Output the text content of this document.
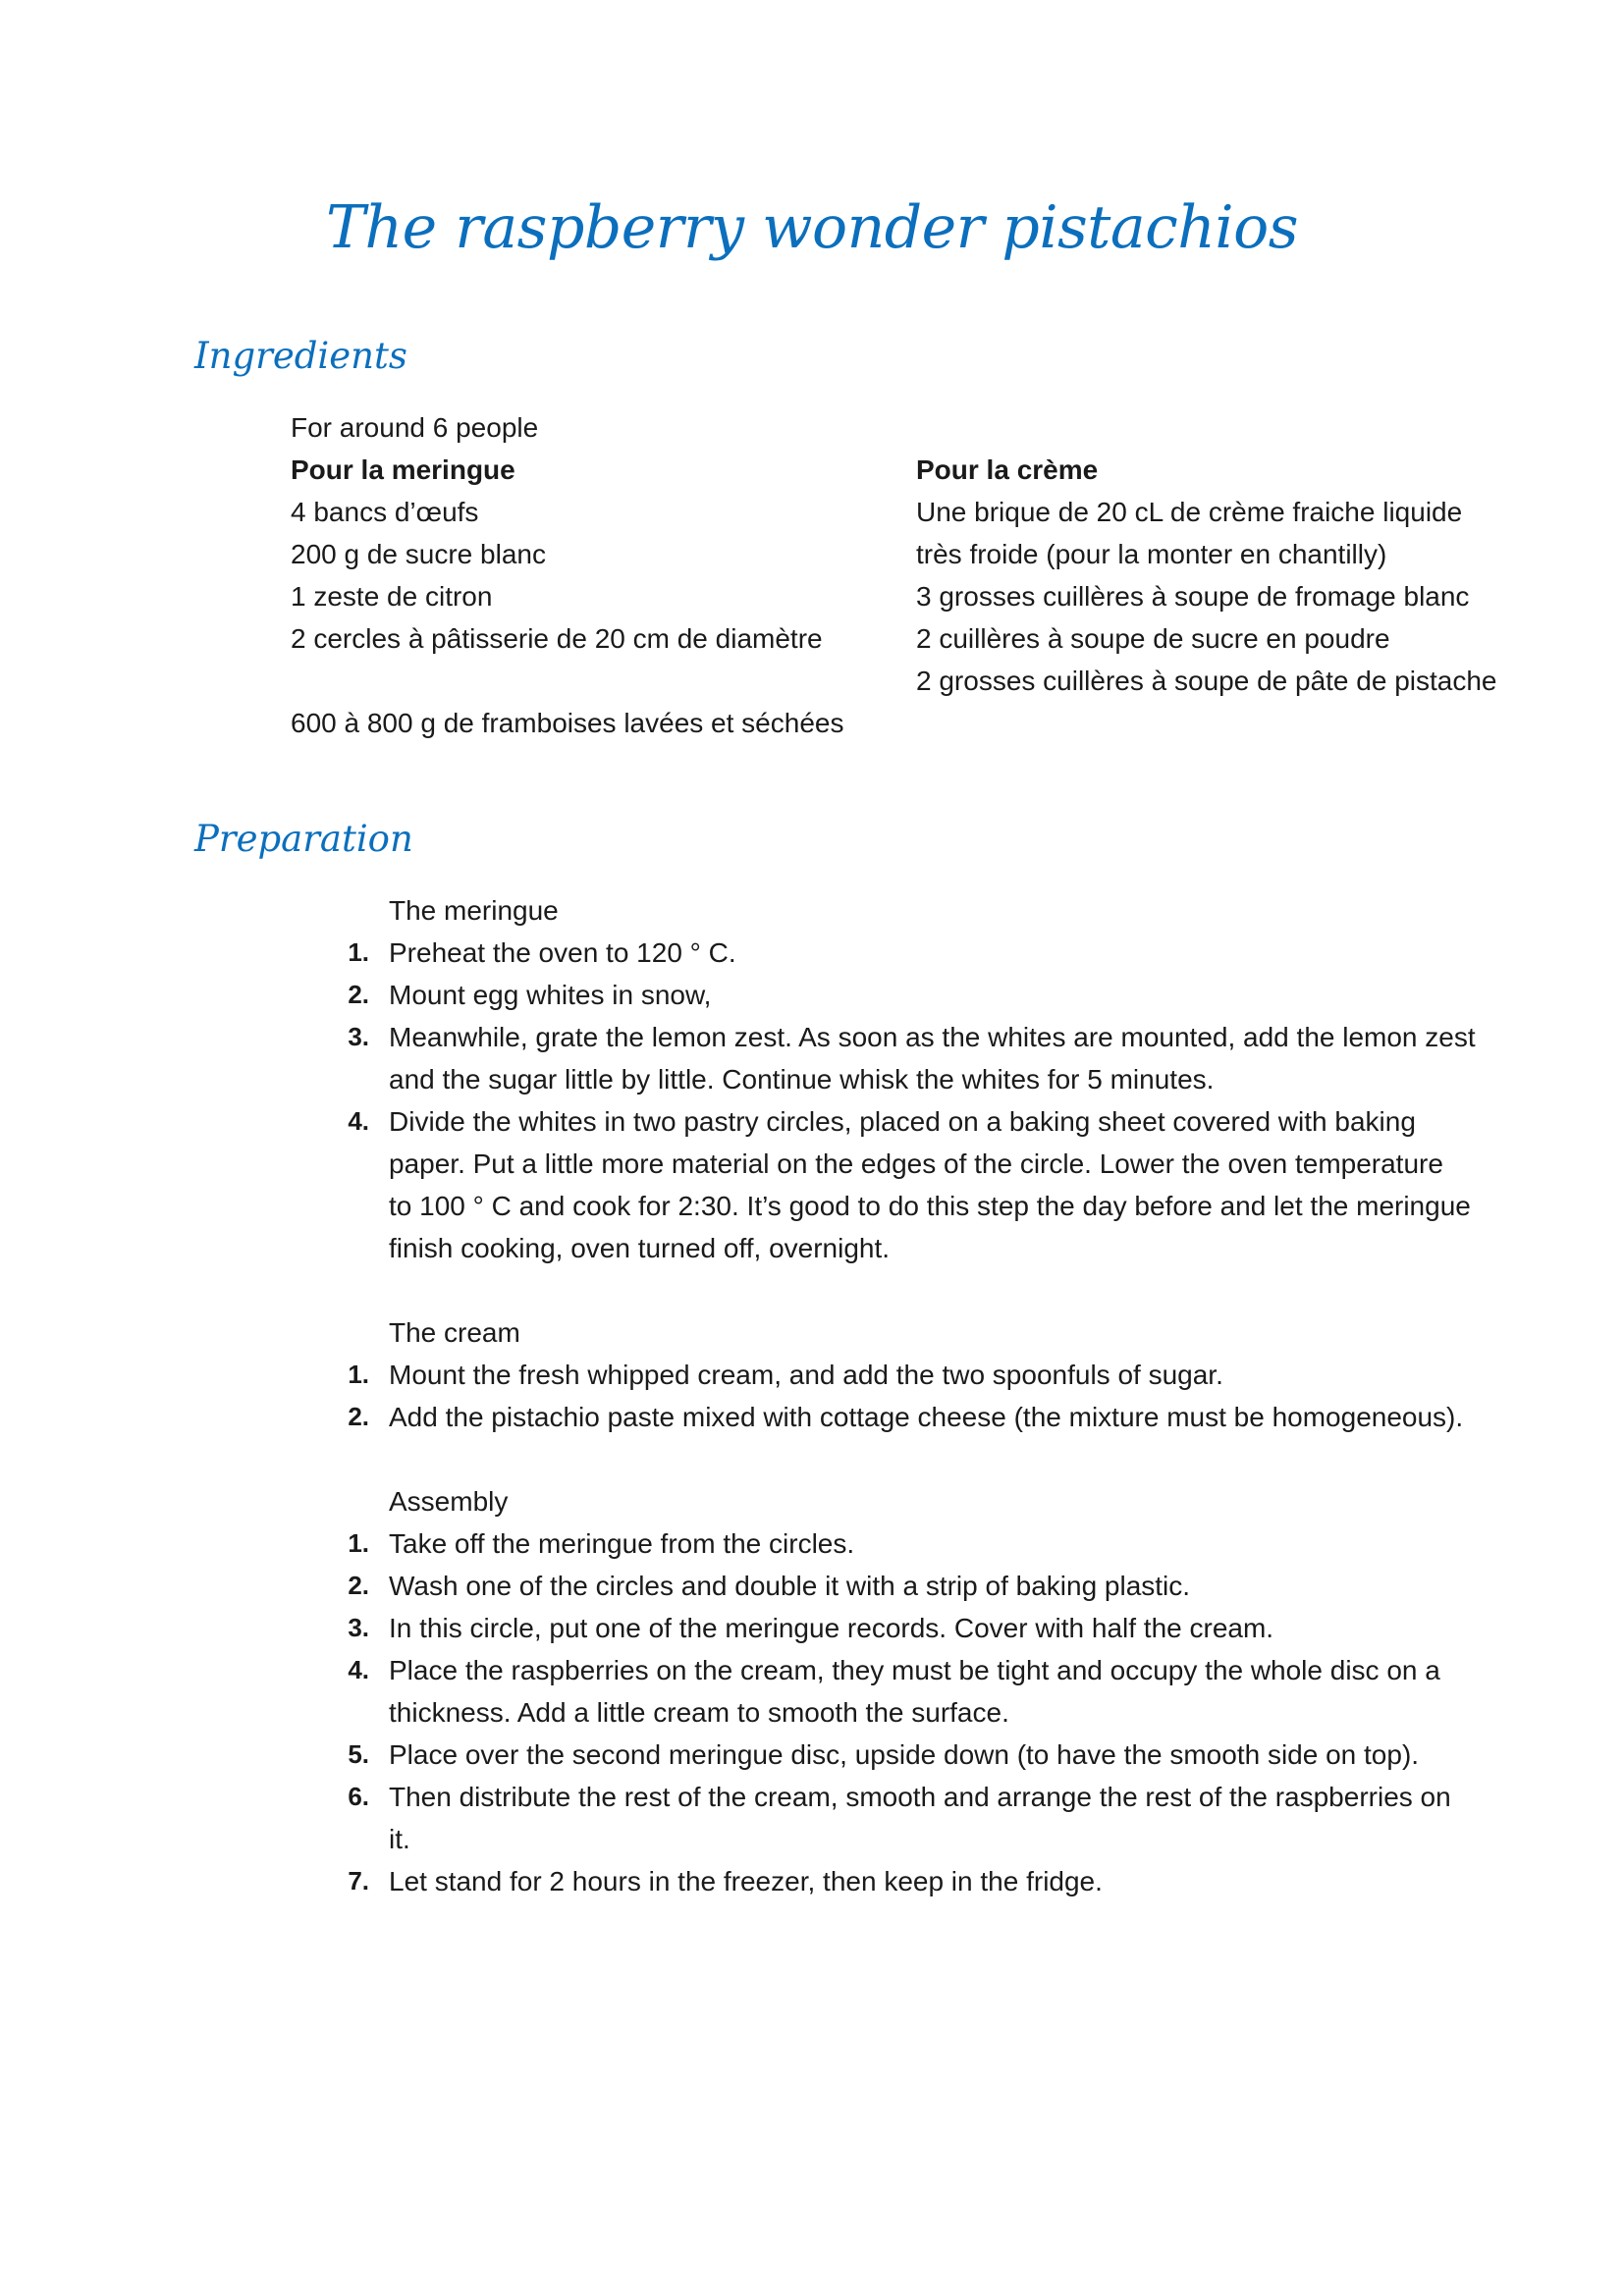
The raspberry wonder pistachios
Ingredients
For around 6 people
Pour la meringue
4 bancs d’œufs
200 g de sucre blanc
1 zeste de citron
2 cercles à pâtisserie de 20 cm de diamètre
600 à 800 g de framboises lavées et séchées
Pour la crème
Une brique de 20 cL de crème fraiche liquide
très froide (pour la monter en chantilly)
3 grosses cuillères à soupe de fromage blanc
2 cuillères à soupe de sucre en poudre
2 grosses cuillères à soupe de pâte de pistache
Preparation
The meringue
1. Preheat the oven to 120 ° C.
2. Mount egg whites in snow,
3. Meanwhile, grate the lemon zest. As soon as the whites are mounted, add the lemon zest
and the sugar little by little. Continue whisk the whites for 5 minutes.
4. Divide the whites in two pastry circles, placed on a baking sheet covered with baking
paper. Put a little more material on the edges of the circle. Lower the oven temperature
to 100 ° C and cook for 2:30. It’s good to do this step the day before and let the meringue
finish cooking, oven turned off, overnight.
The cream
1. Mount the fresh whipped cream, and add the two spoonfuls of sugar.
2. Add the pistachio paste mixed with cottage cheese (the mixture must be homogeneous).
Assembly
1. Take off the meringue from the circles.
2. Wash one of the circles and double it with a strip of baking plastic.
3. In this circle, put one of the meringue records. Cover with half the cream.
4. Place the raspberries on the cream, they must be tight and occupy the whole disc on a
thickness. Add a little cream to smooth the surface.
5. Place over the second meringue disc, upside down (to have the smooth side on top).
6. Then distribute the rest of the cream, smooth and arrange the rest of the raspberries on
it.
7. Let stand for 2 hours in the freezer, then keep in the fridge.
